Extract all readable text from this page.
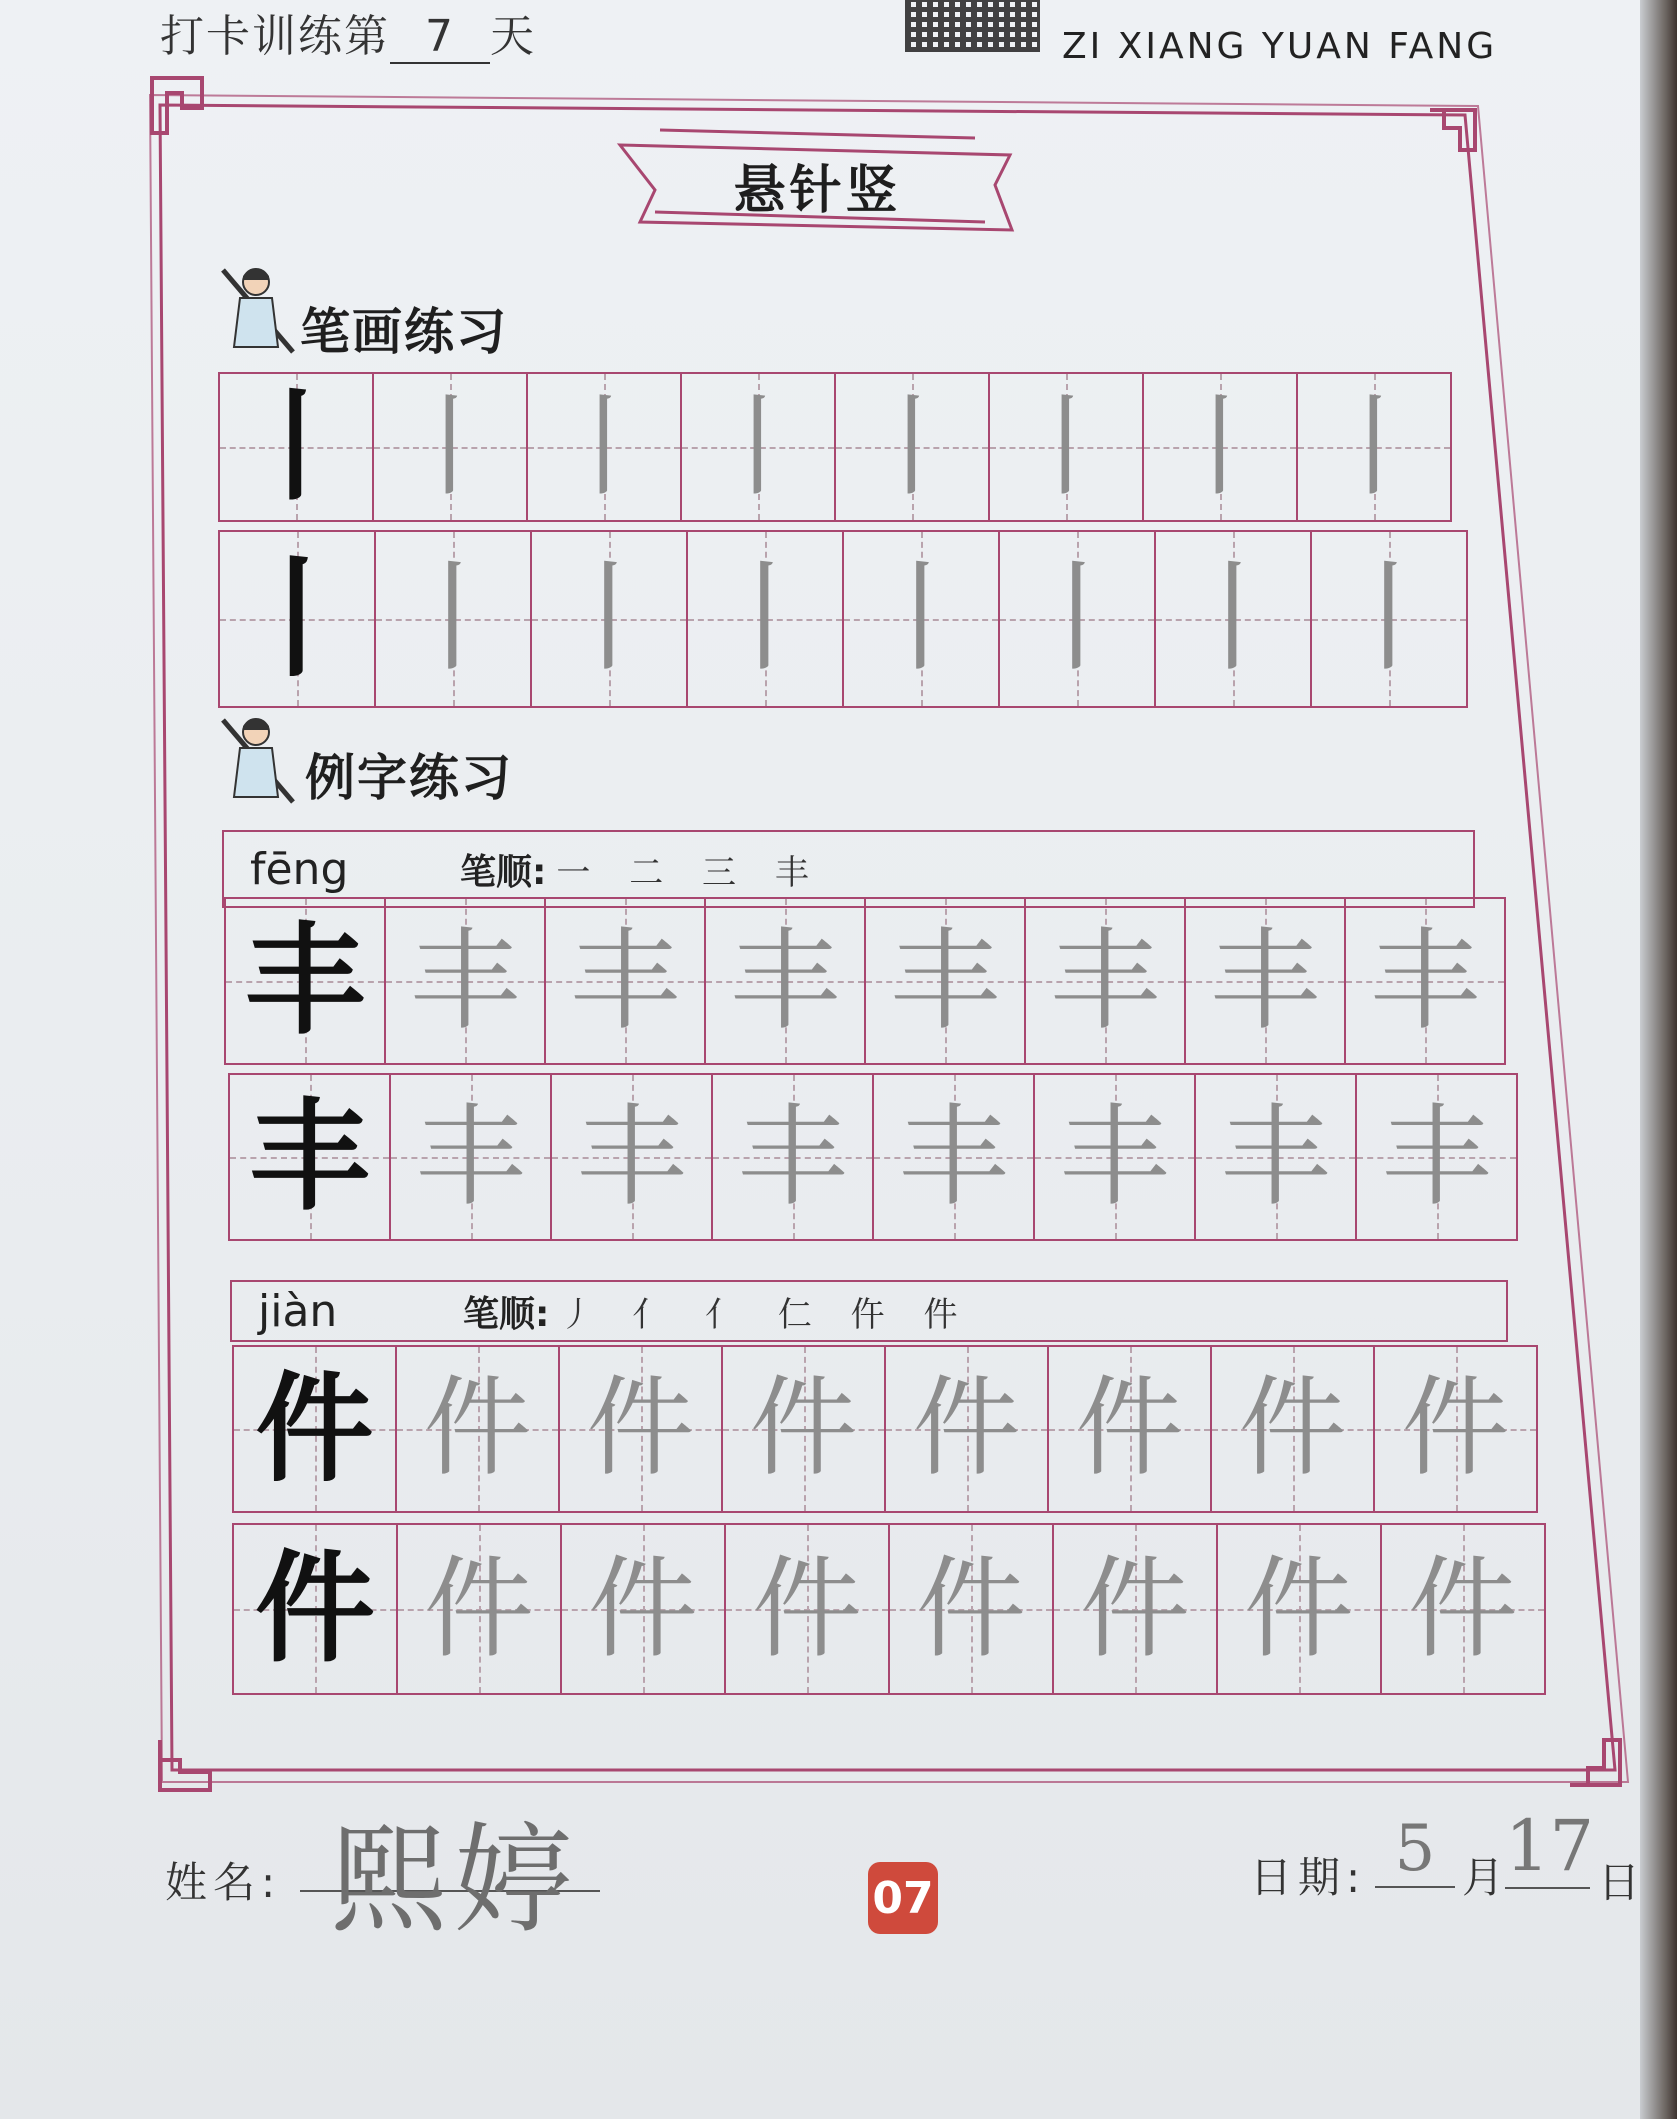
打卡训练第 7 天	ZI XIANG YUAN FANG
悬针竖
笔画练习
丨 丨 丨 丨 丨 丨 丨 丨
丨 丨 丨 丨 丨 丨 丨 丨
例字练习
fēng	笔顺: 一 二 三 丰
丰 丰 丰 丰 丰 丰 丰 丰
丰 丰 丰 丰 丰 丰 丰 丰
jiàn	笔顺: 丿 亻 亻 仁 仵 件
件 件 件 件 件 件 件 件
件 件 件 件 件 件 件 件
姓名: 熙婷	07	日期: 5 月 17 日
